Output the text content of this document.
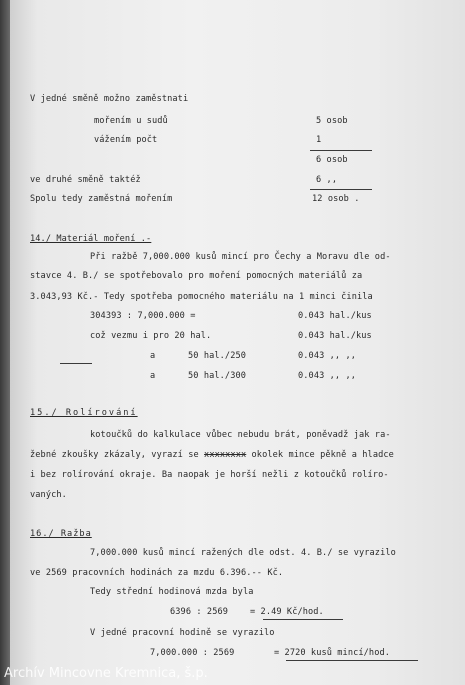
V jedné směně možno zaměstnati
mořením u sudů	5 osob
vážením počt	1
6 osob
ve druhé směně taktéž	6 ,,
Spolu tedy zaměstná mořením	12 osob .
14./ Materiál moření .-
Při ražbě 7,000.000 kusů mincí pro Čechy a Moravu dle od-
stavce 4. B./ se spotřebovalo pro moření pomocných materiálů za
3.043,93 Kč.- Tedy spotřeba pomocného materiálu na 1 minci činila
304393 : 7,000.000 =	0.043 hal./kus
což vezmu i pro 20 hal.	0.043 hal./kus
a	50 hal./250	0.043 ,, ,,
a	50 hal./300	0.043 ,, ,,
15./ Rolírování
kotoučků do kalkulace vůbec nebudu brát, poněvadž jak ra-
žebné zkoušky zkázaly, vyrazí se xxxxxxxx okolek mince pěkně a hladce
i bez rolírování okraje. Ba naopak je horší nežli z kotoučků rolíro-
vaných.
16./ Ražba
7,000.000 kusů mincí ražených dle odst. 4. B./ se vyrazilo
ve 2569 pracovních hodinách za mzdu 6.396.-- Kč.
Tedy střední hodinová mzda byla
6396 : 2569	= 2.49 Kč/hod.
V jedné pracovní hodině se vyrazilo
7,000.000 : 2569	= 2720 kusů mincí/hod.
Archív Mincovne Kremnica, š.p.
